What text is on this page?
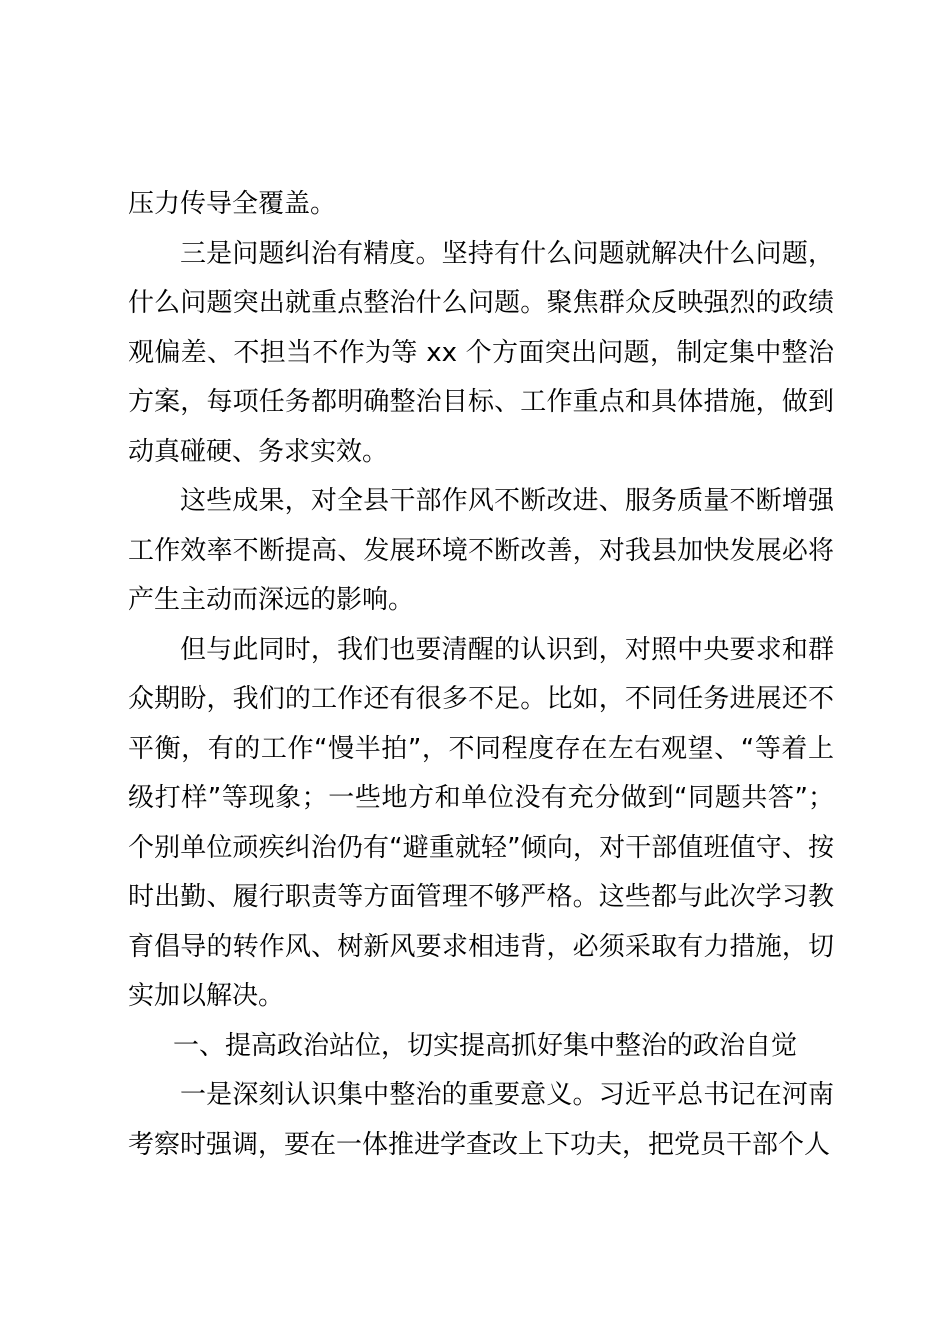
压力传导全覆盖。

三是问题纠治有精度。坚持有什么问题就解决什么问题，什么问题突出就重点整治什么问题。聚焦群众反映强烈的政绩观偏差、不担当不作为等 xx 个方面突出问题，制定集中整治方案，每项任务都明确整治目标、工作重点和具体措施，做到动真碰硬、务求实效。

这些成果，对全县干部作风不断改进、服务质量不断增强工作效率不断提高、发展环境不断改善，对我县加快发展必将产生主动而深远的影响。

但与此同时，我们也要清醒的认识到，对照中央要求和群众期盼，我们的工作还有很多不足。比如，不同任务进展还不平衡，有的工作“慢半拍”，不同程度存在左右观望、“等着上级打样”等现象；一些地方和单位没有充分做到“同题共答”；个别单位顽疾纠治仍有“避重就轻”倾向，对干部值班值守、按时出勤、履行职责等方面管理不够严格。这些都与此次学习教育倡导的转作风、树新风要求相违背，必须采取有力措施，切实加以解决。

一、提高政治站位，切实提高抓好集中整治的政治自觉

一是深刻认识集中整治的重要意义。习近平总书记在河南考察时强调，要在一体推进学查改上下功夫，把党员干部个人
